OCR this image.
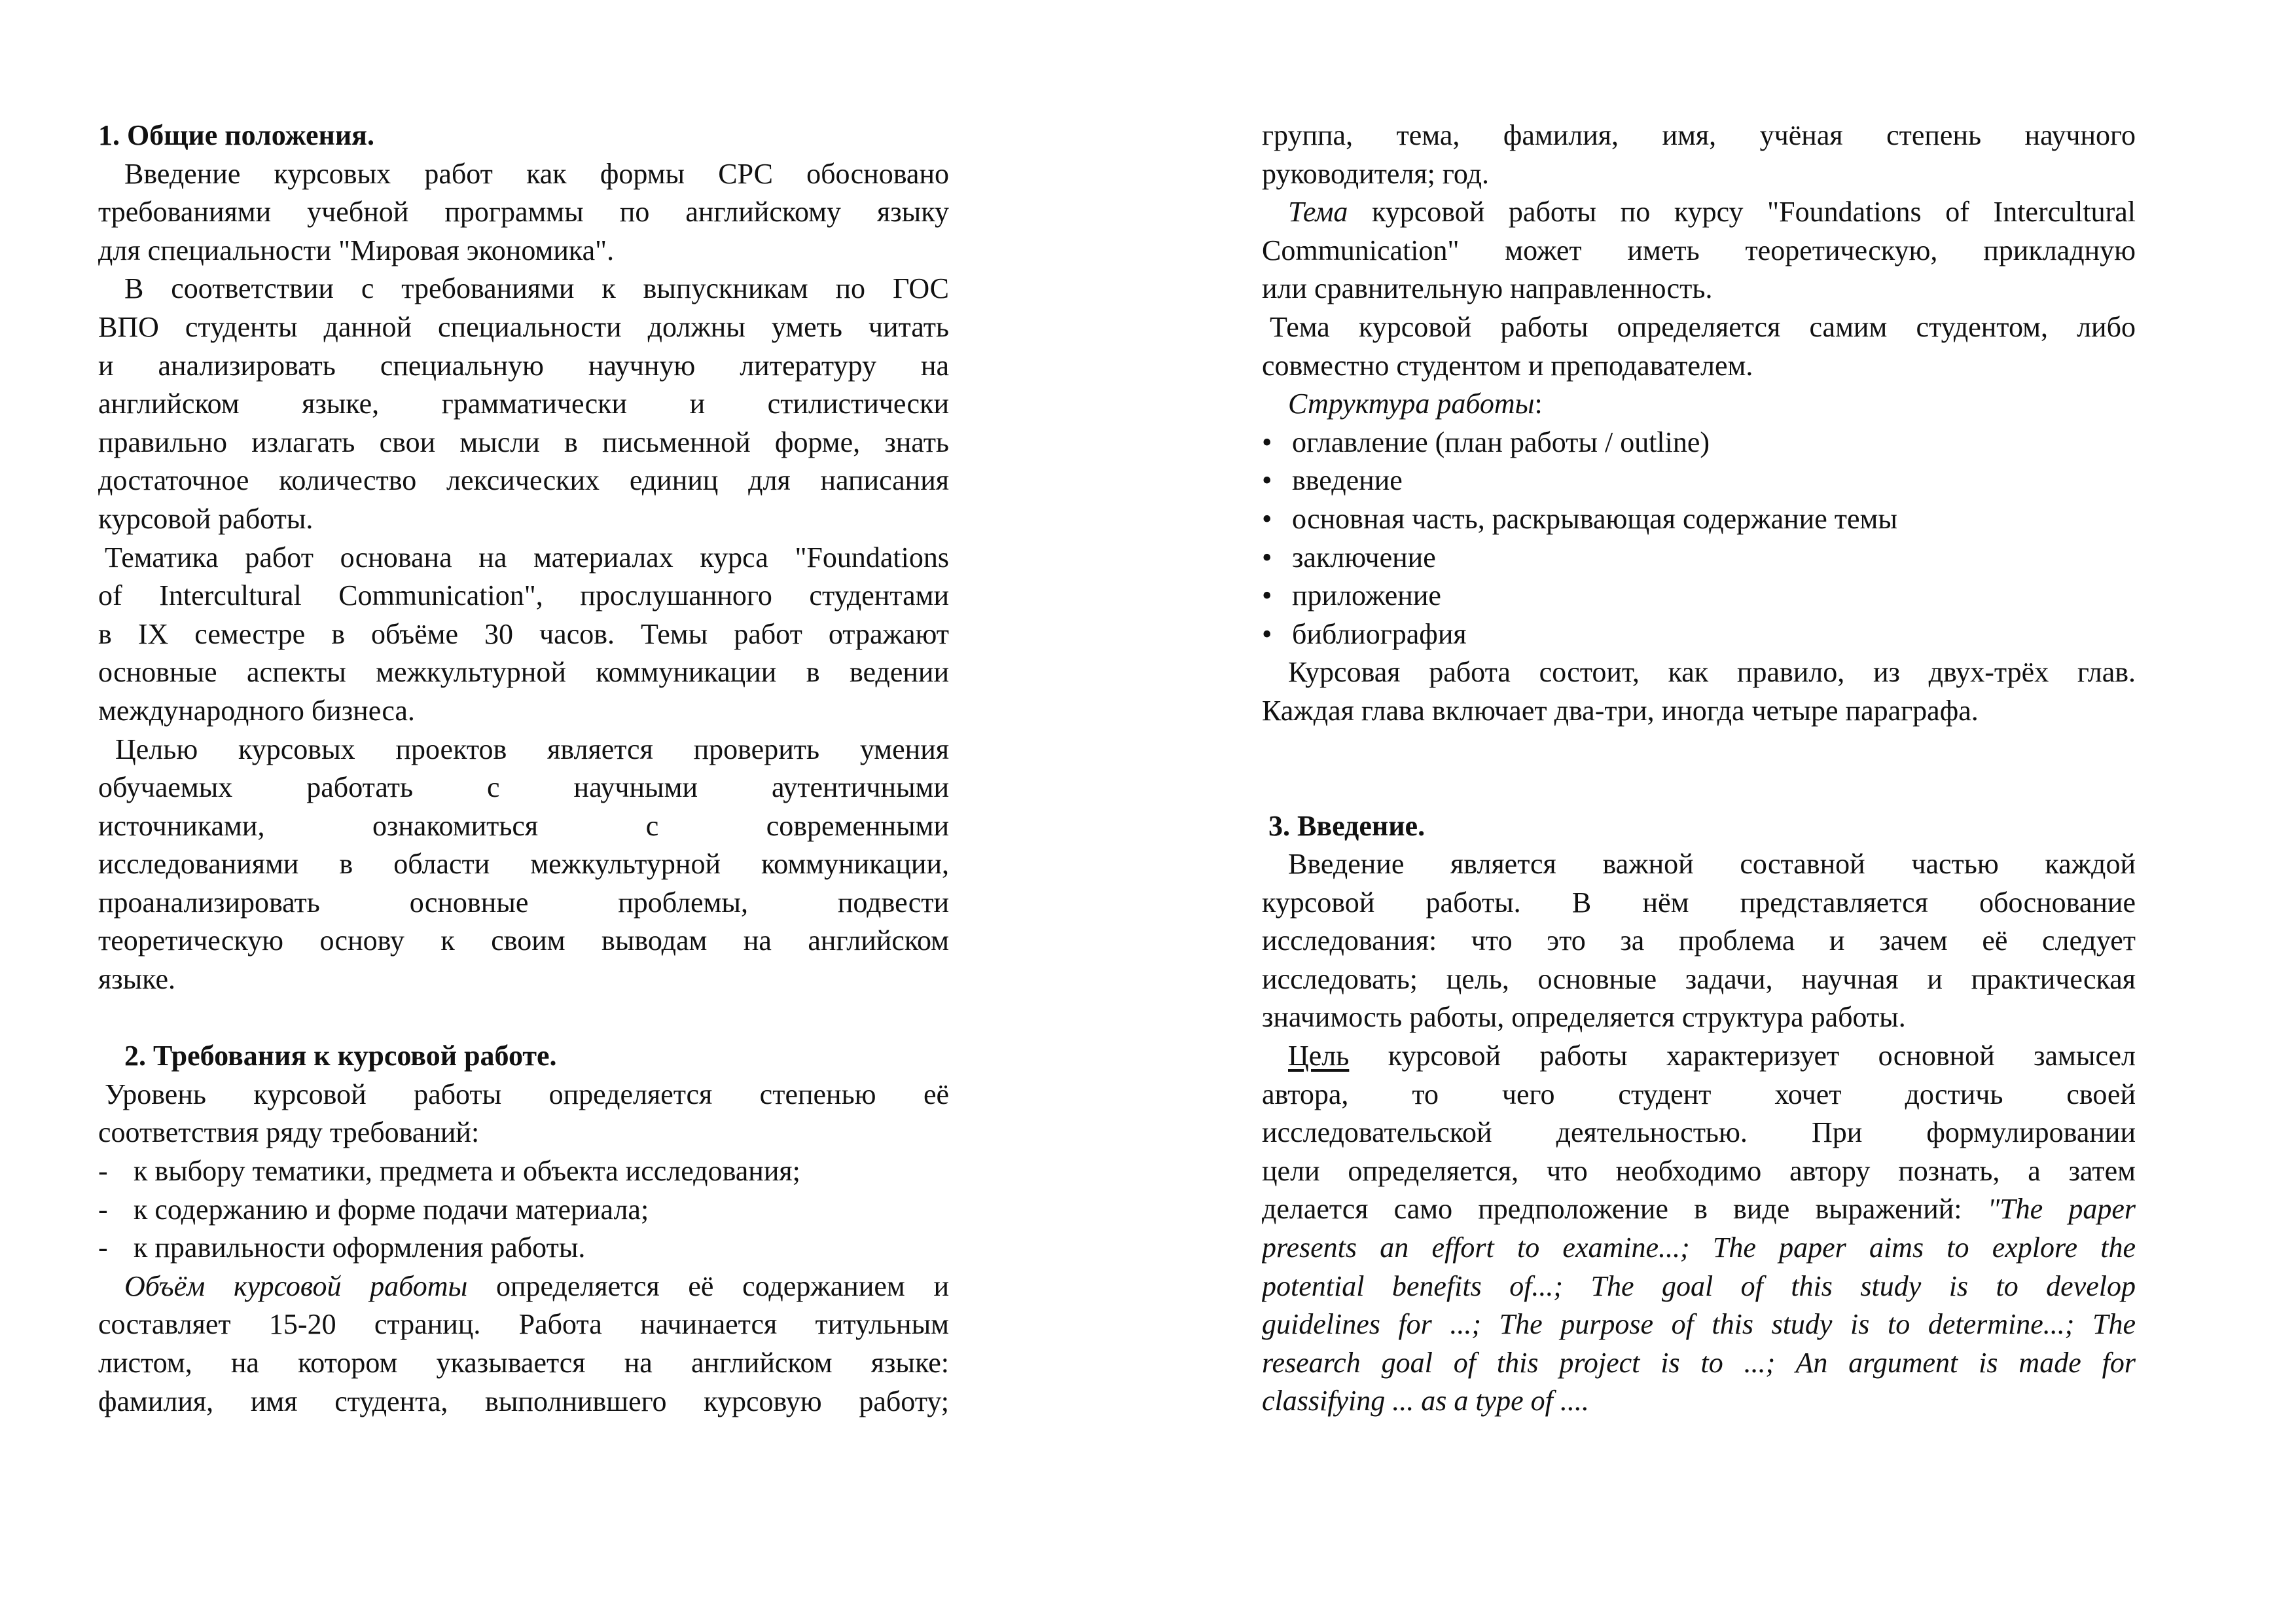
1. Общие положения.
Введение курсовых работ как формы СРС обосновано
требованиями учебной программы по английскому языку
для специальности "Мировая экономика".
В соответствии с требованиями к выпускникам по ГОС
ВПО студенты данной специальности должны уметь читать
и анализировать специальную научную литературу на
английском языке, грамматически и стилистически
правильно излагать свои мысли в письменной форме, знать
достаточное количество лексических единиц для написания
курсовой работы.
Тематика работ основана на материалах курса "Foundations
of Intercultural Communication", прослушанного студентами
в IX семестре в объёме 30 часов. Темы работ отражают
основные аспекты межкультурной коммуникации в ведении
международного бизнеса.
Целью курсовых проектов является проверить умения
обучаемых работать с научными аутентичными
источниками, ознакомиться с современными
исследованиями в области межкультурной коммуникации,
проанализировать основные проблемы, подвести
теоретическую основу к своим выводам на английском
языке.
2. Требования к курсовой работе.
Уровень курсовой работы определяется степенью её
соответствия ряду требований:
- к выбору тематики, предмета и объекта исследования;
- к содержанию и форме подачи материала;
- к правильности оформления работы.
Объём курсовой работы определяется её содержанием и
составляет 15-20 страниц. Работа начинается титульным
листом, на котором указывается на английском языке:
фамилия, имя студента, выполнившего курсовую работу;
группа, тема, фамилия, имя, учёная степень научного
руководителя; год.
Тема курсовой работы по курсу "Foundations of Intercultural
Communication" может иметь теоретическую, прикладную
или сравнительную направленность.
Тема курсовой работы определяется самим студентом, либо
совместно студентом и преподавателем.
Структура работы:
• оглавление (план работы / outline)
• введение
• основная часть, раскрывающая содержание темы
• заключение
• приложение
• библиография
Курсовая работа состоит, как правило, из двух-трёх глав.
Каждая глава включает два-три, иногда четыре параграфа.
3. Введение.
Введение является важной составной частью каждой
курсовой работы. В нём представляется обоснование
исследования: что это за проблема и зачем её следует
исследовать; цель, основные задачи, научная и практическая
значимость работы, определяется структура работы.
Цель курсовой работы характеризует основной замысел
автора, то чего студент хочет достичь своей
исследовательской деятельностью. При формулировании
цели определяется, что необходимо автору познать, а затем
делается само предположение в виде выражений: "The paper
presents an effort to examine...; The paper aims to explore the
potential benefits of...; The goal of this study is to develop
guidelines for ...; The purpose of this study is to determine...; The
research goal of this project is to ...; An argument is made for
classifying ... as a type of ....
